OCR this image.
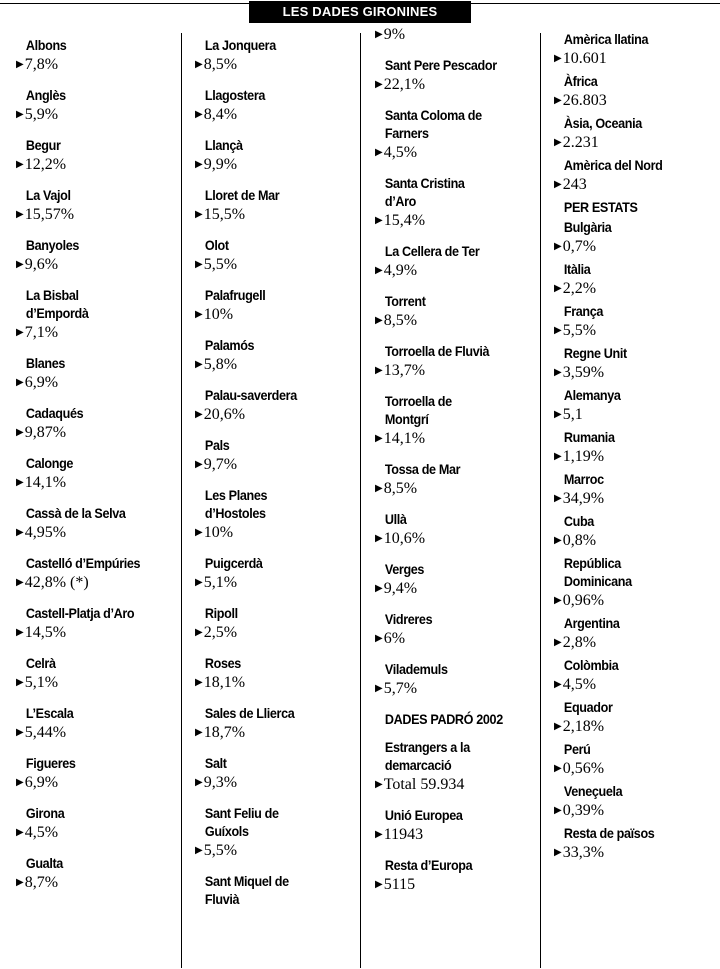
LES DADES GIRONINES
Albons
▶7,8%
Anglès
▶5,9%
Begur
▶12,2%
La Vajol
▶15,57%
Banyoles
▶9,6%
La Bisbal
d’Empordà
▶7,1%
Blanes
▶6,9%
Cadaqués
▶9,87%
Calonge
▶14,1%
Cassà de la Selva
▶4,95%
Castelló d’Empúries
▶42,8% (*)
Castell-Platja d’Aro
▶14,5%
Celrà
▶5,1%
L’Escala
▶5,44%
Figueres
▶6,9%
Girona
▶4,5%
Gualta
▶8,7%
La Jonquera
▶8,5%
Llagostera
▶8,4%
Llançà
▶9,9%
Lloret de Mar
▶15,5%
Olot
▶5,5%
Palafrugell
▶10%
Palamós
▶5,8%
Palau-saverdera
▶20,6%
Pals
▶9,7%
Les Planes
d’Hostoles
▶10%
Puigcerdà
▶5,1%
Ripoll
▶2,5%
Roses
▶18,1%
Sales de Llierca
▶18,7%
Salt
▶9,3%
Sant Feliu de
Guíxols
▶5,5%
Sant Miquel de
Fluvià
▶9%
Sant Pere Pescador
▶22,1%
Santa Coloma de
Farners
▶4,5%
Santa Cristina
d’Aro
▶15,4%
La Cellera de Ter
▶4,9%
Torrent
▶8,5%
Torroella de Fluvià
▶13,7%
Torroella de
Montgrí
▶14,1%
Tossa de Mar
▶8,5%
Ullà
▶10,6%
Verges
▶9,4%
Vidreres
▶6%
Vilademuls
▶5,7%
DADES PADRÓ 2002
Estrangers a la
demarcació
▶Total 59.934
Unió Europea
▶11943
Resta d’Europa
▶5115
Amèrica llatina
▶10.601
Àfrica
▶26.803
Àsia, Oceania
▶2.231
Amèrica del Nord
▶243
PER ESTATS
Bulgària
▶0,7%
Itàlia
▶2,2%
França
▶5,5%
Regne Unit
▶3,59%
Alemanya
▶5,1
Rumania
▶1,19%
Marroc
▶34,9%
Cuba
▶0,8%
República
Dominicana
▶0,96%
Argentina
▶2,8%
Colòmbia
▶4,5%
Equador
▶2,18%
Perú
▶0,56%
Veneçuela
▶0,39%
Resta de països
▶33,3%
